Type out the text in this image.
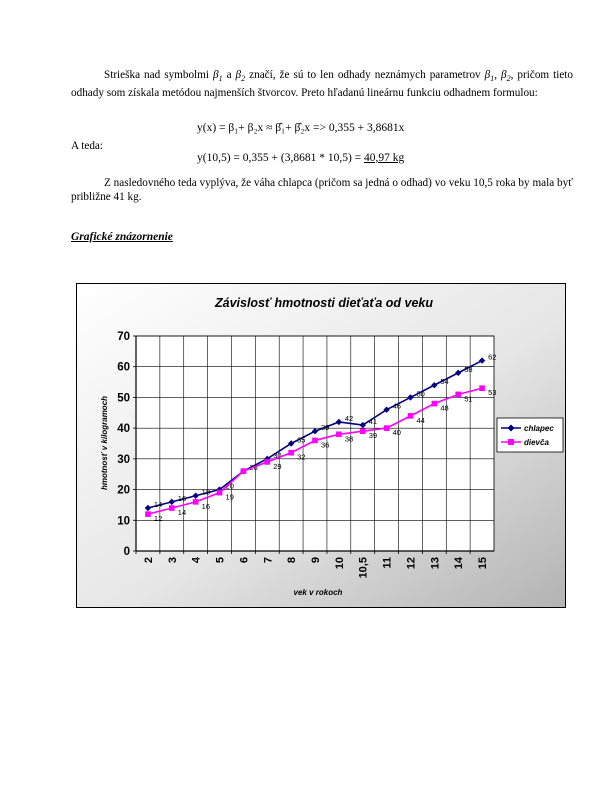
Strieška nad symbolmi $\beta_1$ a $\beta_2$ značí, že sú to len odhady neznámych parametrov $\beta_1$, $\beta_2$, pričom tieto odhady som získala metódou najmenších štvorcov. Preto hľadanú lineárnu funkciu odhadnem formulou:
y(x) = β₁+ β₂x ≈ β̂₁+ β̂₂x => 0,355 + 3,8681x
A teda:
y(10,5) = 0,355 + (3,8681 * 10,5) = 40,97 kg
Z nasledovného teda vyplýva, že váha chlapca (pričom sa jedná o odhad) vo veku 10,5 roka by mala byť približne 41 kg.
Grafické znázornenie
Závislosť hmotnosti dieťaťa od veku
14
16
18
20
26
30
35
39
42 41
46
50
54
58
62
12
14
16
19
29
32
36
38 39 40
44
48
51
53
0
10
20
30
40
50
60
70
2 3 4 5 6 7 8 9 10 10,5 11 12 13 14 15
vek v rokoch
hmotnosť v kilogramoch	chlapec
dievča
